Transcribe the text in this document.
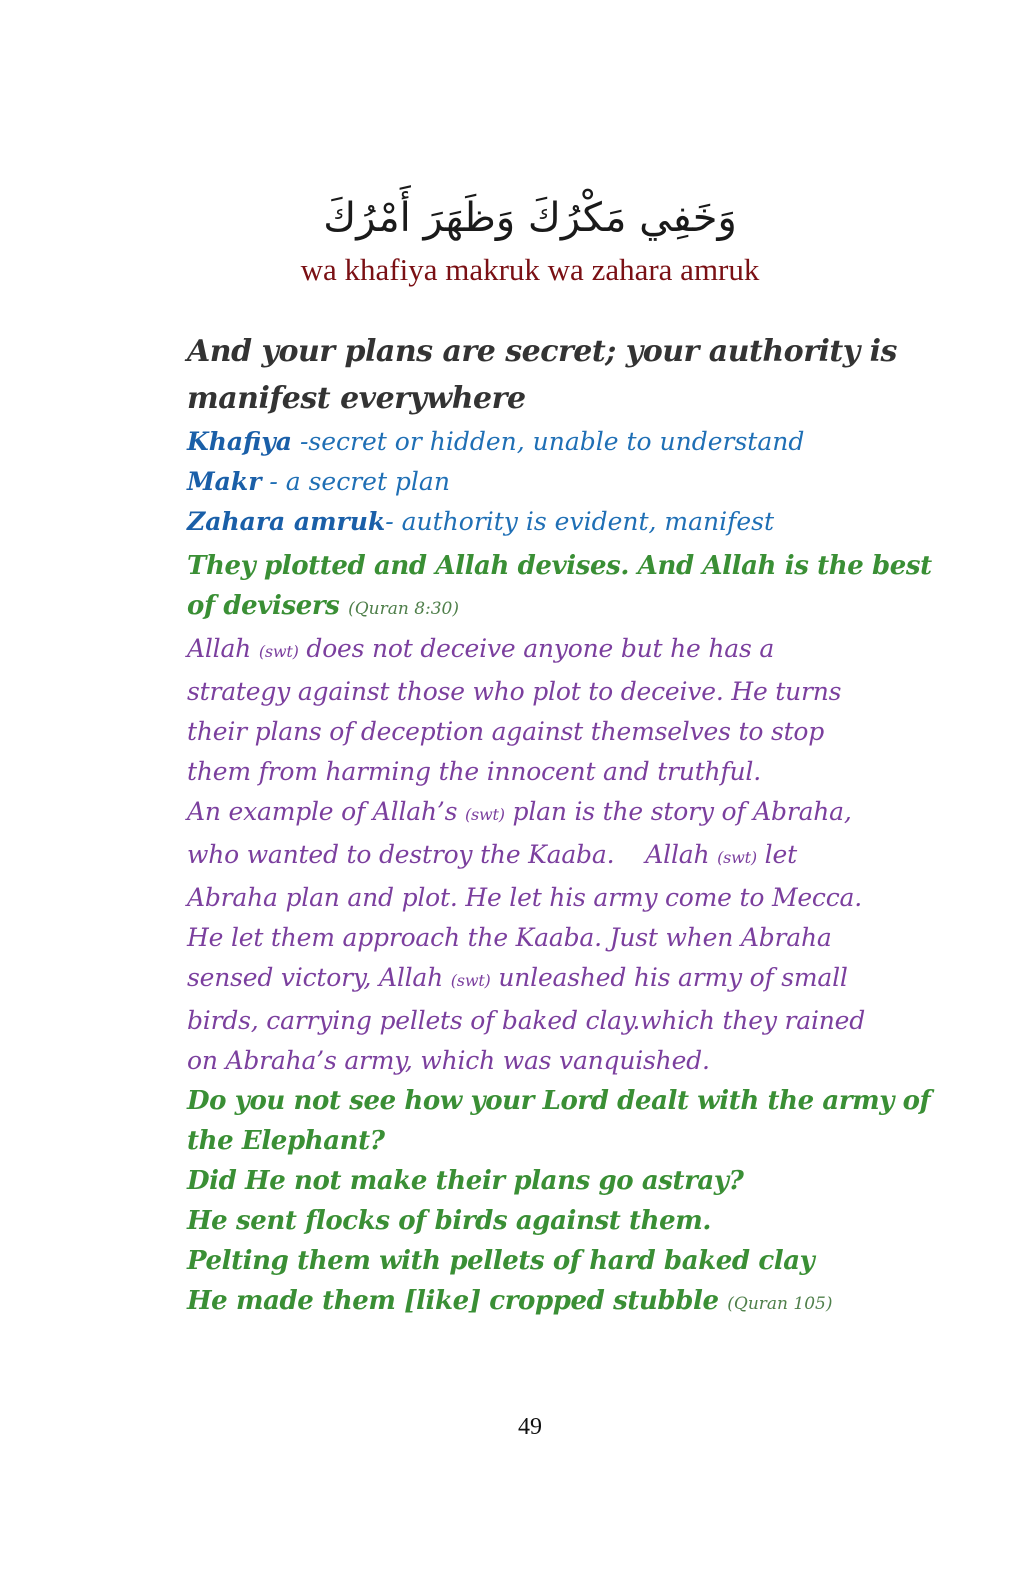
وَخَفِي مَكْرُكَ وَظَهَرَ أَمْرُكَ
wa khafiya makruk wa zahara amruk
And your plans are secret; your authority is
manifest everywhere
Khafiya -secret or hidden, unable to understand
Makr - a secret plan
Zahara amruk- authority is evident, manifest
They plotted and Allah devises. And Allah is the best
of devisers (Quran 8:30)
Allah (swt) does not deceive anyone but he has a
strategy against those who plot to deceive. He turns
their plans of deception against themselves to stop
them from harming the innocent and truthful.
An example of Allah’s (swt) plan is the story of Abraha,
who wanted to destroy the Kaaba.    Allah (swt) let
Abraha plan and plot. He let his army come to Mecca.
He let them approach the Kaaba. Just when Abraha
sensed victory, Allah (swt) unleashed his army of small
birds, carrying pellets of baked clay.which they rained
on Abraha’s army, which was vanquished.
Do you not see how your Lord dealt with the army of
the Elephant?
Did He not make their plans go astray?
He sent flocks of birds against them.
Pelting them with pellets of hard baked clay
He made them [like] cropped stubble (Quran 105)
49
